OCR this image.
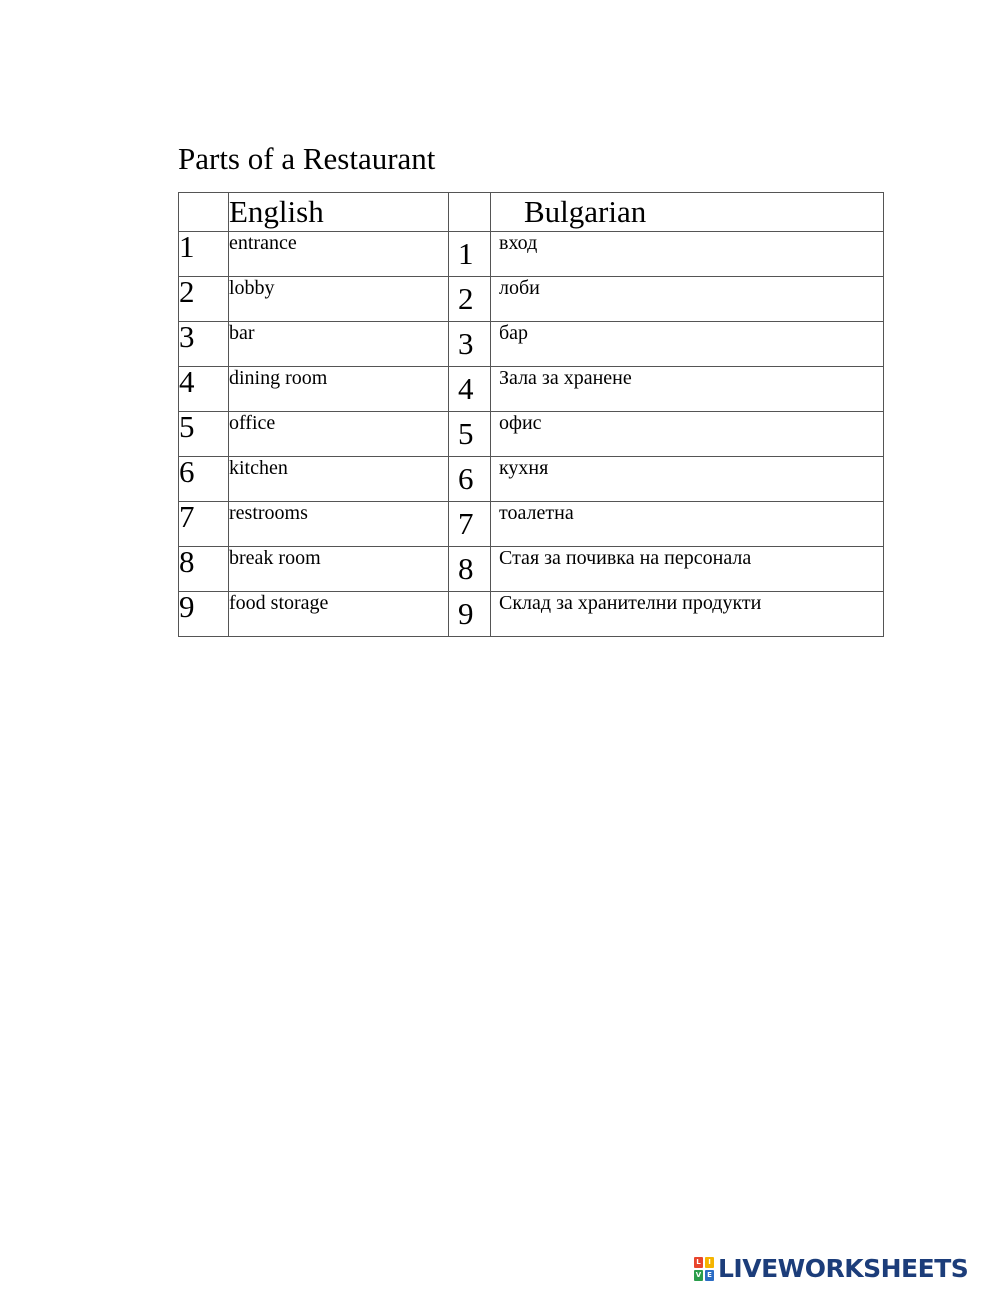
Parts of a Restaurant
	English		Bulgarian
1	entrance	1	вход
2	lobby	2	лоби
3	bar	3	бар
4	dining room	4	Зала за хранене
5	office	5	офис
6	kitchen	6	кухня
7	restrooms	7	тоалетна
8	break room	8	Стая за почивка на персонала
9	food storage	9	Склад за хранителни продукти
L	I
V E LIVEWORKSHEETS
